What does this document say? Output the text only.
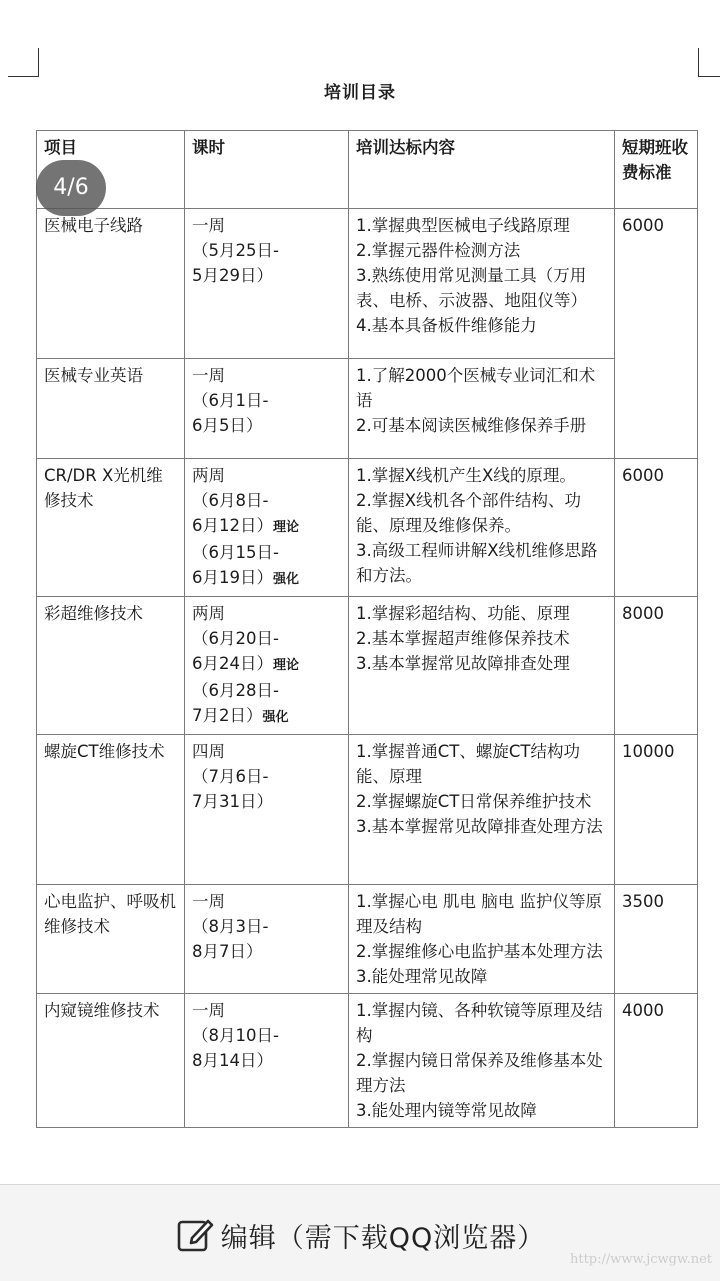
培训目录
项目	课时	培训达标内容	短期班收费标准
医械电子线路	一周
（5月25日-
5月29日）	1.掌握典型医械电子线路原理
2.掌握元器件检测方法
3.熟练使用常见测量工具（万用表、电桥、示波器、地阻仪等）
4.基本具备板件维修能力	6000
医械专业英语	一周
（6月1日-
6月5日）	1.了解2000个医械专业词汇和术语
2.可基本阅读医械维修保养手册	

CR/DR X光机维修技术	两周
（6月8日-
6月12日）理论
（6月15日-
6月19日）强化	1.掌握X线机产生X线的原理。
2.掌握X线机各个部件结构、功能、原理及维修保养。
3.高级工程师讲解X线机维修思路和方法。	6000
彩超维修技术	两周
（6月20日-
6月24日）理论
（6月28日-
7月2日）强化	1.掌握彩超结构、功能、原理
2.基本掌握超声维修保养技术
3.基本掌握常见故障排查处理	8000
螺旋CT维修技术	四周
（7月6日-
7月31日）	1.掌握普通CT、螺旋CT结构功能、原理
2.掌握螺旋CT日常保养维护技术
3.基本掌握常见故障排查处理方法	10000
心电监护、呼吸机维修技术	一周
（8月3日-
8月7日）	1.掌握心电 肌电 脑电 监护仪等原理及结构
2.掌握维修心电监护基本处理方法
3.能处理常见故障	3500
内窥镜维修技术	一周
（8月10日-
8月14日）	1.掌握内镜、各种软镜等原理及结构
2.掌握内镜日常保养及维修基本处理方法
3.能处理内镜等常见故障	4000
4/6
编辑（需下载QQ浏览器）
http://www.jcwgw.net
